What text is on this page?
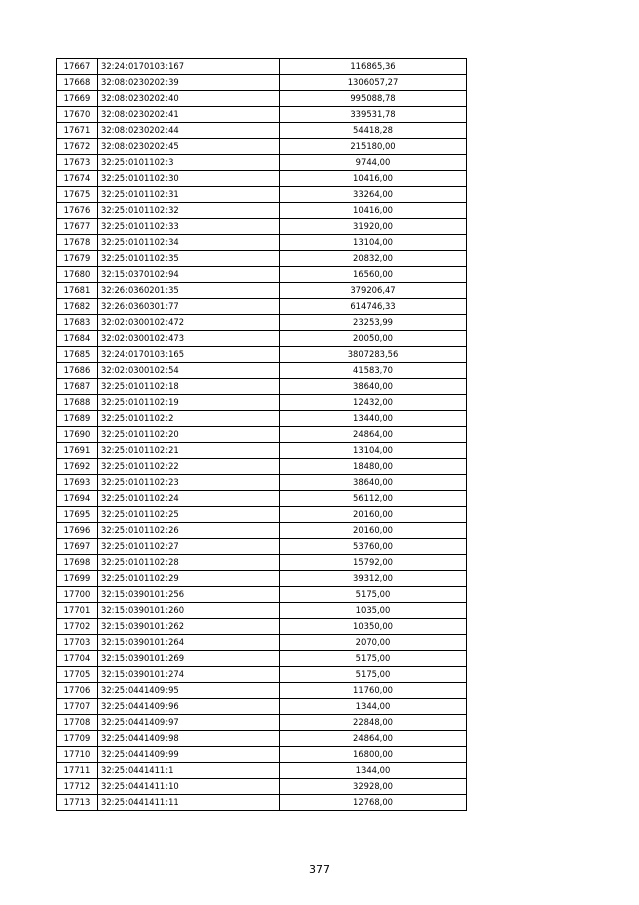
17667	32:24:0170103:167	116865,36
17668	32:08:0230202:39	1306057,27
17669	32:08:0230202:40	995088,78
17670	32:08:0230202:41	339531,78
17671	32:08:0230202:44	54418,28
17672	32:08:0230202:45	215180,00
17673	32:25:0101102:3	9744,00
17674	32:25:0101102:30	10416,00
17675	32:25:0101102:31	33264,00
17676	32:25:0101102:32	10416,00
17677	32:25:0101102:33	31920,00
17678	32:25:0101102:34	13104,00
17679	32:25:0101102:35	20832,00
17680	32:15:0370102:94	16560,00
17681	32:26:0360201:35	379206,47
17682	32:26:0360301:77	614746,33
17683	32:02:0300102:472	23253,99
17684	32:02:0300102:473	20050,00
17685	32:24:0170103:165	3807283,56
17686	32:02:0300102:54	41583,70
17687	32:25:0101102:18	38640,00
17688	32:25:0101102:19	12432,00
17689	32:25:0101102:2	13440,00
17690	32:25:0101102:20	24864,00
17691	32:25:0101102:21	13104,00
17692	32:25:0101102:22	18480,00
17693	32:25:0101102:23	38640,00
17694	32:25:0101102:24	56112,00
17695	32:25:0101102:25	20160,00
17696	32:25:0101102:26	20160,00
17697	32:25:0101102:27	53760,00
17698	32:25:0101102:28	15792,00
17699	32:25:0101102:29	39312,00
17700	32:15:0390101:256	5175,00
17701	32:15:0390101:260	1035,00
17702	32:15:0390101:262	10350,00
17703	32:15:0390101:264	2070,00
17704	32:15:0390101:269	5175,00
17705	32:15:0390101:274	5175,00
17706	32:25:0441409:95	11760,00
17707	32:25:0441409:96	1344,00
17708	32:25:0441409:97	22848,00
17709	32:25:0441409:98	24864,00
17710	32:25:0441409:99	16800,00
17711	32:25:0441411:1	1344,00
17712	32:25:0441411:10	32928,00
17713	32:25:0441411:11	12768,00
377
